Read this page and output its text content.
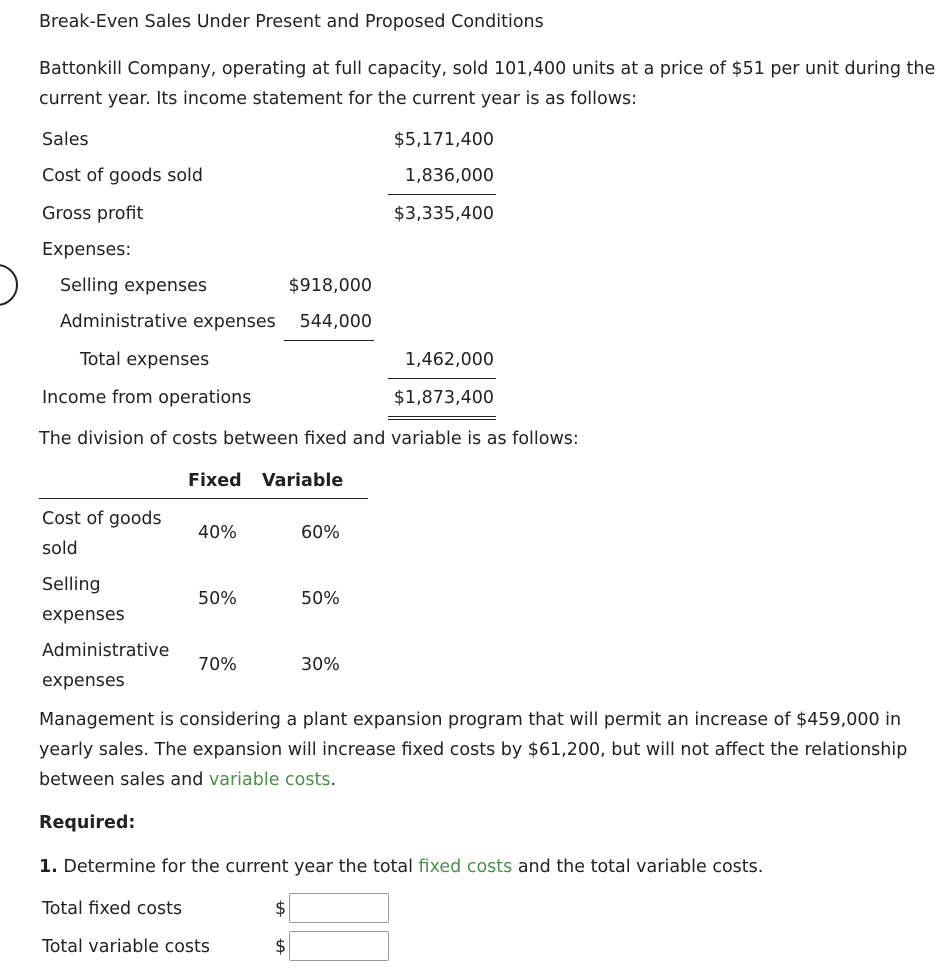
Break-Even Sales Under Present and Proposed Conditions
Battonkill Company, operating at full capacity, sold 101,400 units at a price of $51 per unit during the current year. Its income statement for the current year is as follows:
Sales	$5,171,400
Cost of goods sold	1,836,000
Gross profit	$3,335,400
Expenses:
Selling expenses	$918,000
Administrative expenses	544,000
Total expenses	1,462,000
Income from operations	$1,873,400
The division of costs between fixed and variable is as follows:
Fixed Variable
Cost of goods
sold
40%	60%
Selling
expenses
50%	50%
Administrative
expenses
70%	30%
Management is considering a plant expansion program that will permit an increase of $459,000 in yearly sales. The expansion will increase fixed costs by $61,200, but will not affect the relationship between sales and variable costs.
Required:
1. Determine for the current year the total fixed costs and the total variable costs.
Total fixed costs	$
Total variable costs	$
